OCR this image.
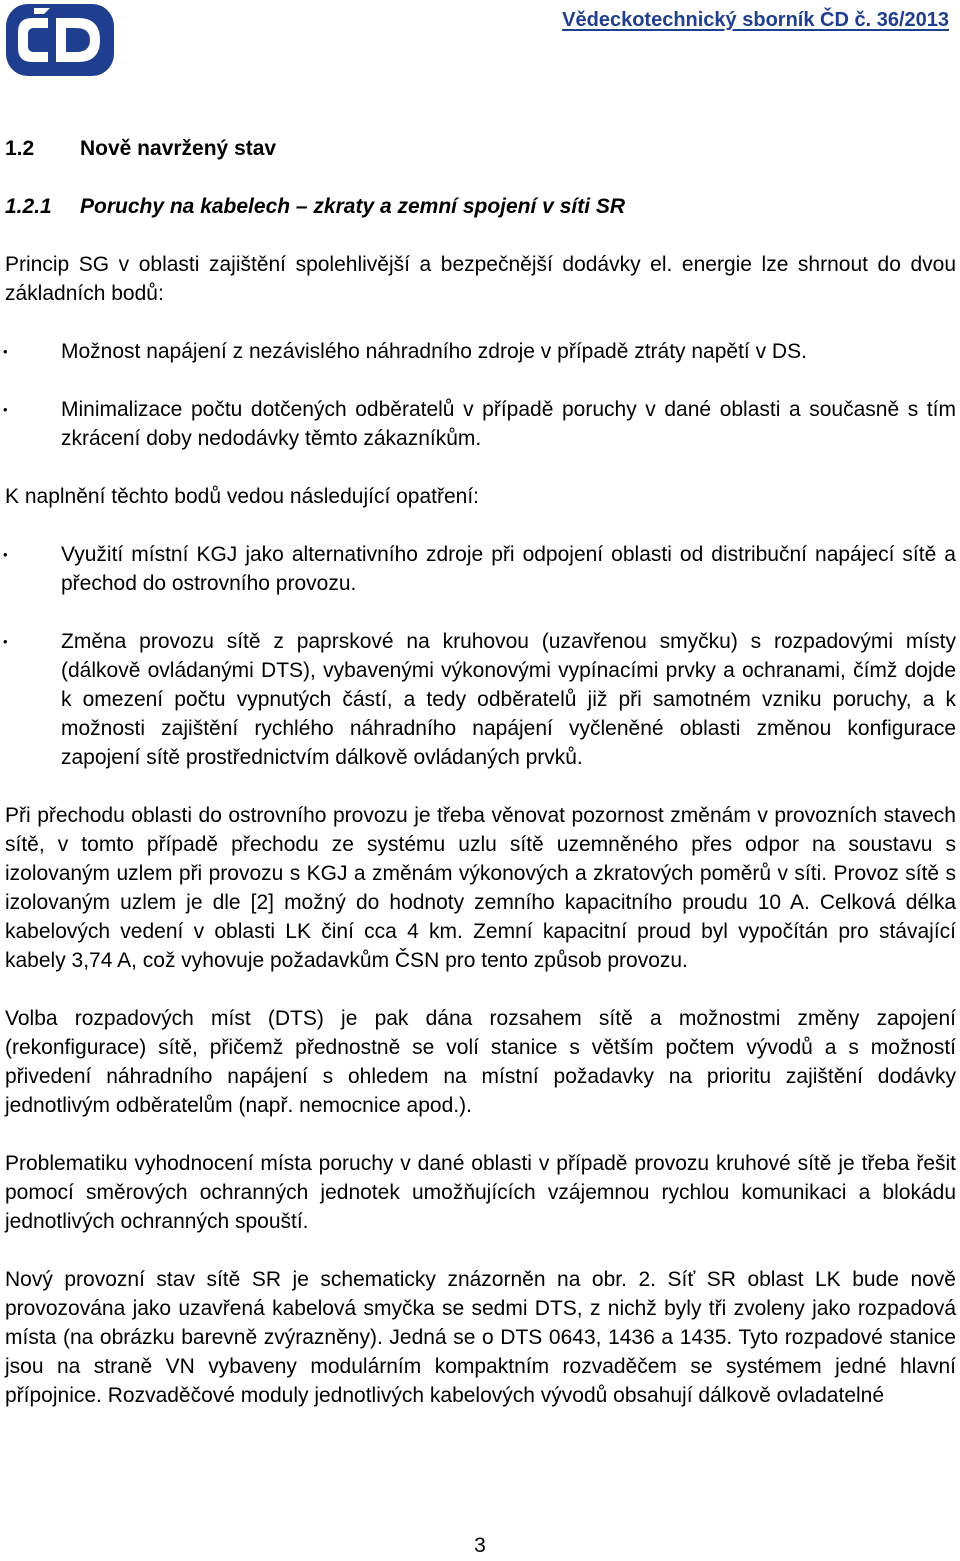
ČD
Vědeckotechnický sborník ČD č. 36/2013
1.2	Nově navržený stav
1.2.1	Poruchy na kabelech – zkraty a zemní spojení v síti SR

Princip SG v oblasti zajištění spolehlivější a bezpečnější dodávky el. energie lze shrnout do dvou základních bodů:

•	Možnost napájení z nezávislého náhradního zdroje v případě ztráty napětí v DS.
•	Minimalizace počtu dotčených odběratelů v případě poruchy v dané oblasti a současně s tím zkrácení doby nedodávky těmto zákazníkům.

K naplnění těchto bodů vedou následující opatření:

•	Využití místní KGJ jako alternativního zdroje při odpojení oblasti od distribuční napájecí sítě a přechod do ostrovního provozu.
•	Změna provozu sítě z paprskové na kruhovou (uzavřenou smyčku) s rozpadovými místy (dálkově ovládanými DTS), vybavenými výkonovými vypínacími prvky a ochranami, čímž dojde k omezení počtu vypnutých částí, a tedy odběratelů již při samotném vzniku poruchy, a k možnosti zajištění rychlého náhradního napájení vyčleněné oblasti změnou konfigurace zapojení sítě prostřednictvím dálkově ovládaných prvků.

Při přechodu oblasti do ostrovního provozu je třeba věnovat pozornost změnám v provozních stavech sítě, v tomto případě přechodu ze systému uzlu sítě uzemněného přes odpor na soustavu s izolovaným uzlem při provozu s KGJ a změnám výkonových a zkratových poměrů v síti. Provoz sítě s izolovaným uzlem je dle [2] možný do hodnoty zemního kapacitního proudu 10 A. Celková délka kabelových vedení v oblasti LK činí cca 4 km. Zemní kapacitní proud byl vypočítán pro stávající kabely 3,74 A, což vyhovuje požadavkům ČSN pro tento způsob provozu.

Volba rozpadových míst (DTS) je pak dána rozsahem sítě a možnostmi změny zapojení (rekonfigurace) sítě, přičemž přednostně se volí stanice s větším počtem vývodů a s možností přivedení náhradního napájení s ohledem na místní požadavky na prioritu zajištění dodávky jednotlivým odběratelům (např. nemocnice apod.).

Problematiku vyhodnocení místa poruchy v dané oblasti v případě provozu kruhové sítě je třeba řešit pomocí směrových ochranných jednotek umožňujících vzájemnou rychlou komunikaci a blokádu jednotlivých ochranných spouští.

Nový provozní stav sítě SR je schematicky znázorněn na obr. 2. Síť SR oblast LK bude nově provozována jako uzavřená kabelová smyčka se sedmi DTS, z nichž byly tři zvoleny jako rozpadová místa (na obrázku barevně zvýrazněny). Jedná se o DTS 0643, 1436 a 1435. Tyto rozpadové stanice jsou na straně VN vybaveny modulárním kompaktním rozvaděčem se systémem jedné hlavní přípojnice. Rozvaděčové moduly jednotlivých kabelových vývodů obsahují dálkově ovladatelné

3
